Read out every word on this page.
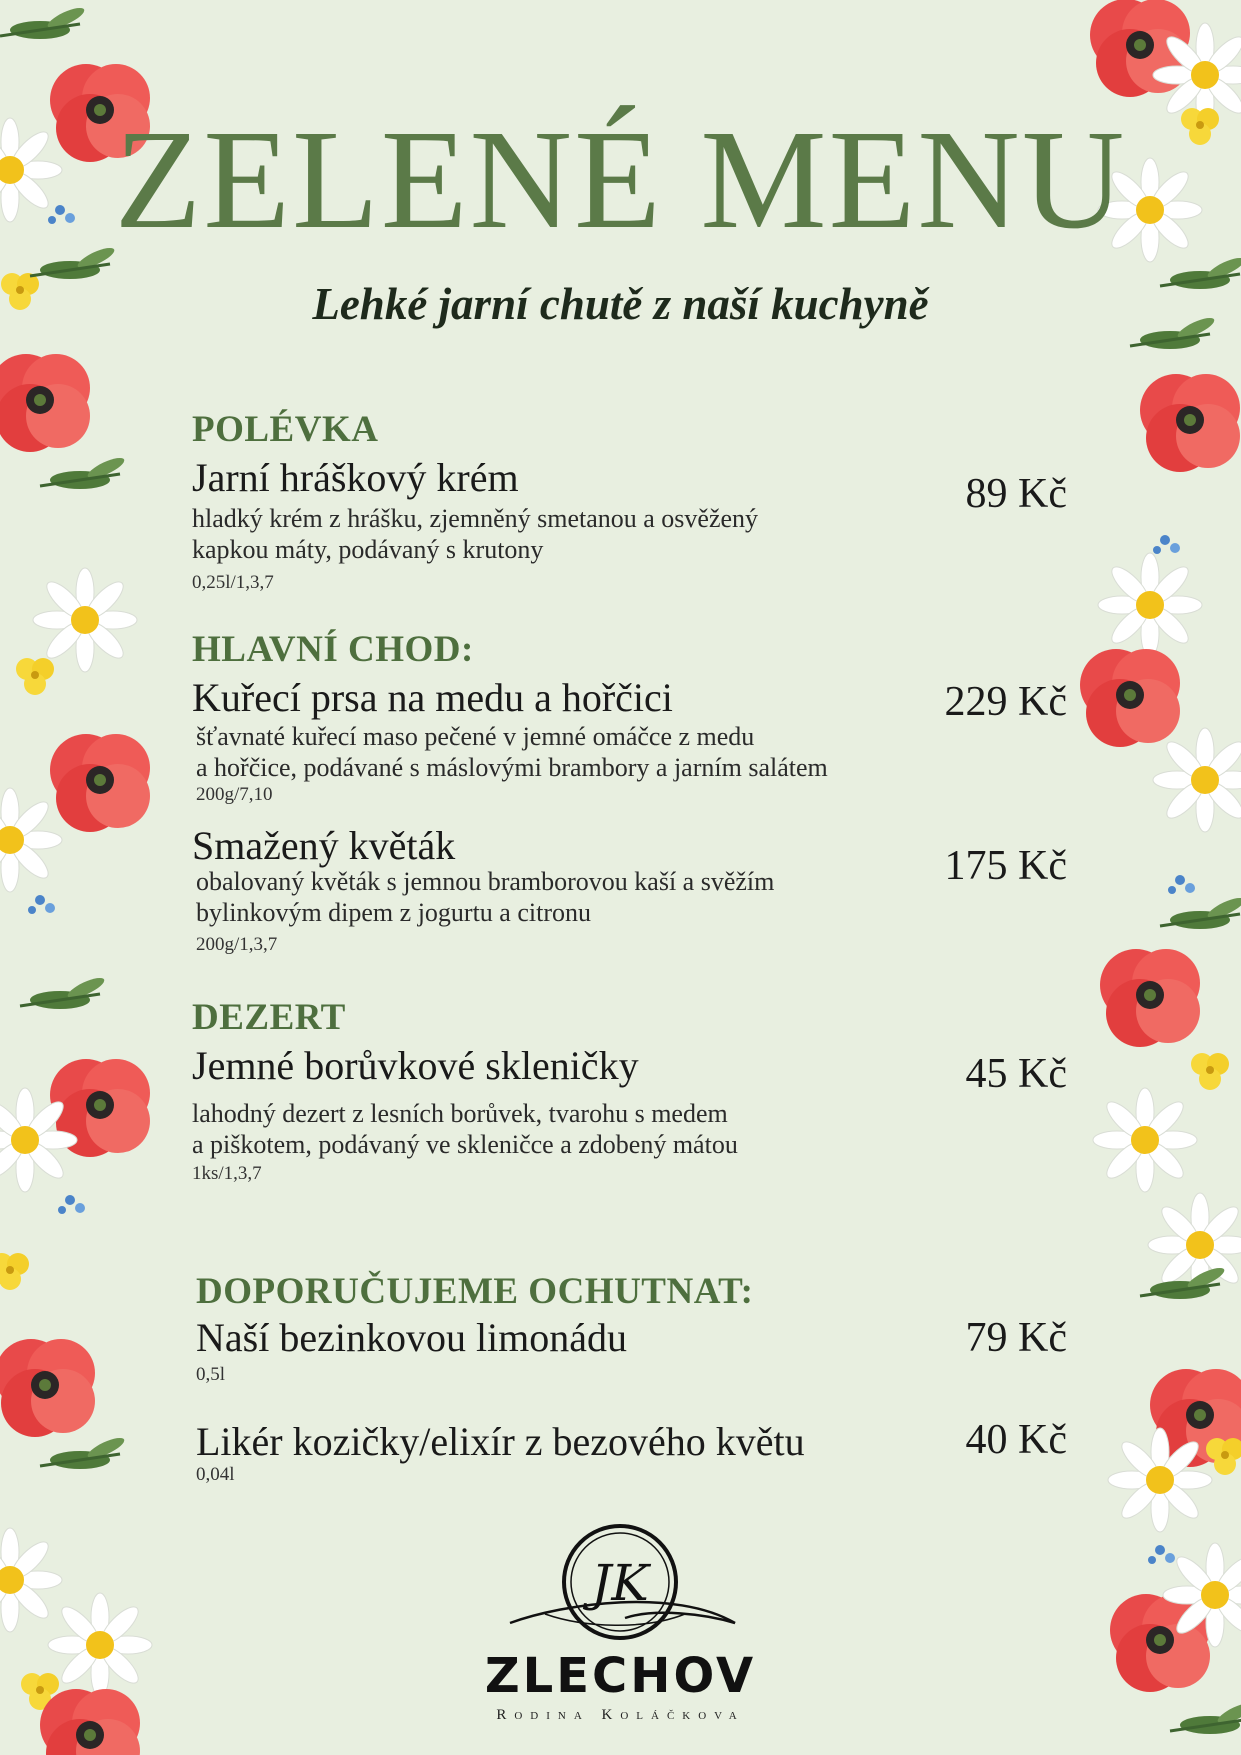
ZELENÉ MENU
Lehké jarní chutě z naší kuchyně
POLÉVKA
Jarní hráškový krém	89 Kč
hladký krém z hrášku, zjemněný smetanou a osvěžený
kapkou máty, podávaný s krutony
0,25l/1,3,7
HLAVNÍ CHOD:
Kuřecí prsa na medu a hořčici	229 Kč
šťavnaté kuřecí maso pečené v jemné omáčce z medu
a hořčice, podávané s máslovými brambory a jarním salátem
200g/7,10
Smažený květák	175 Kč
obalovaný květák s jemnou bramborovou kaší a svěžím
bylinkovým dipem z jogurtu a citronu
200g/1,3,7
DEZERT
Jemné borůvkové skleničky	45 Kč
lahodný dezert z lesních borůvek, tvarohu s medem
a piškotem, podávaný ve skleničce a zdobený mátou
1ks/1,3,7
DOPORUČUJEME OCHUTNAT:
Naší bezinkovou limonádu	79 Kč
0,5l
Likér kozičky/elixír z bezového květu	40 Kč
0,04l
JK
ZLECHOV
Rodina Koláčkova
